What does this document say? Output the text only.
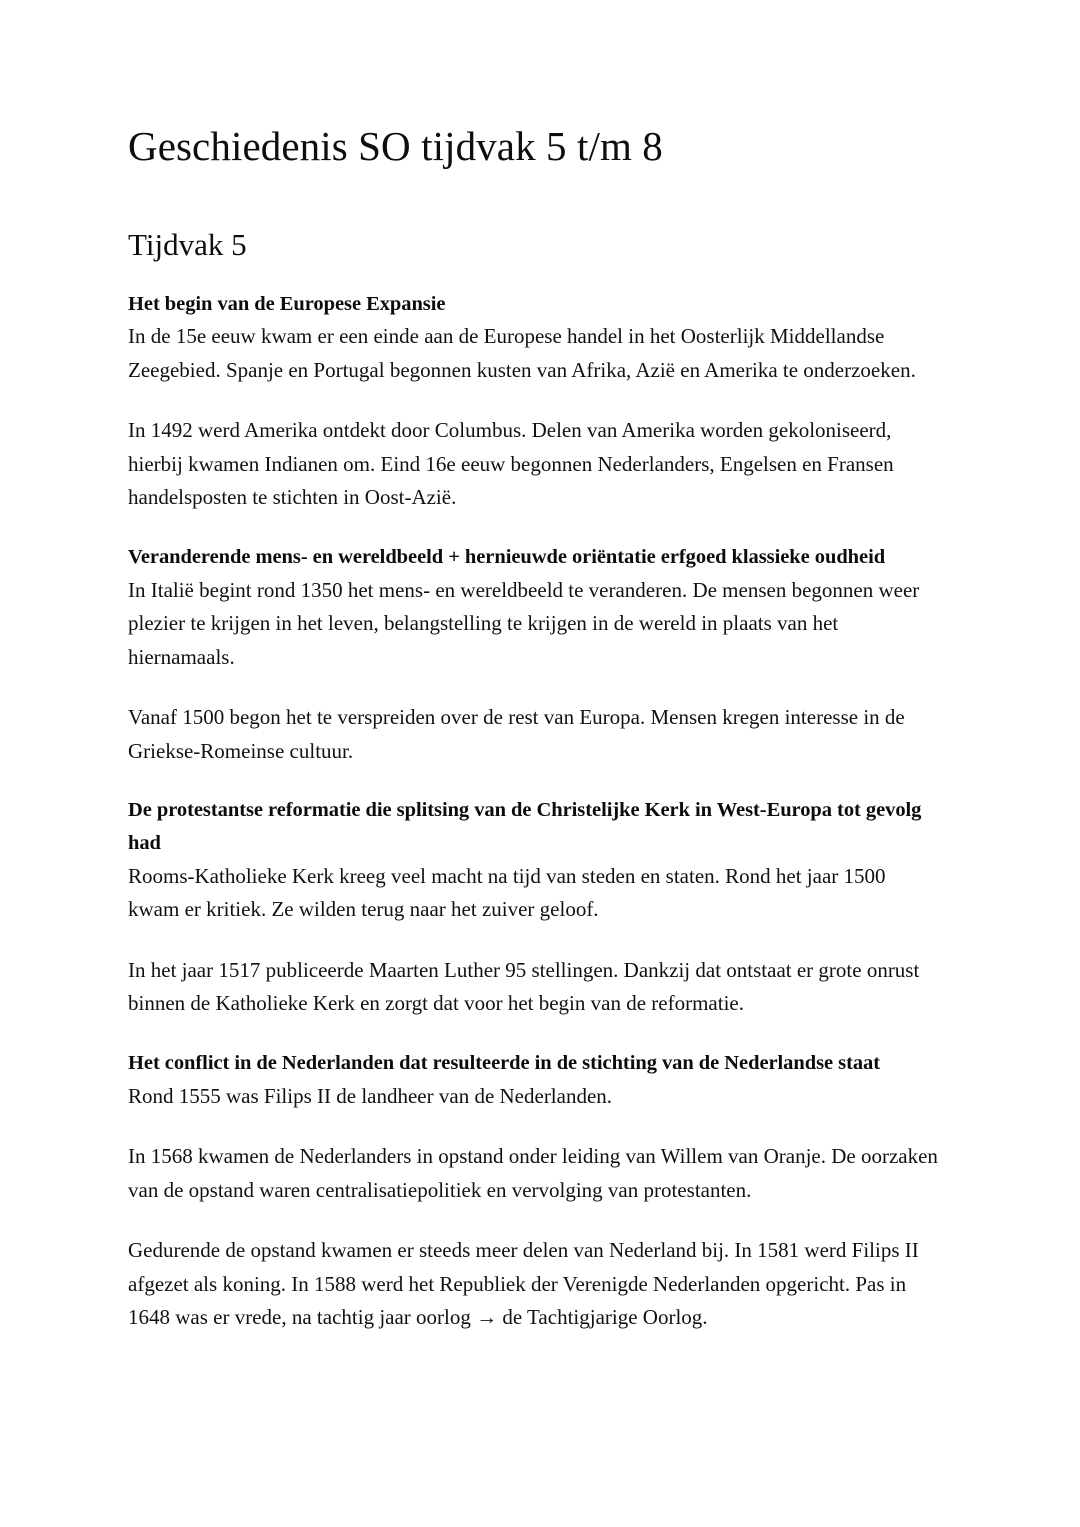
Geschiedenis SO tijdvak 5 t/m 8
Tijdvak 5
Het begin van de Europese Expansie

In de 15e eeuw kwam er een einde aan de Europese handel in het Oosterlijk Middellandse Zeegebied. Spanje en Portugal begonnen kusten van Afrika, Azië en Amerika te onderzoeken.

In 1492 werd Amerika ontdekt door Columbus. Delen van Amerika worden gekoloniseerd, hierbij kwamen Indianen om. Eind 16e eeuw begonnen Nederlanders, Engelsen en Fransen handelsposten te stichten in Oost-Azië.

Veranderende mens- en wereldbeeld + hernieuwde oriëntatie erfgoed klassieke oudheid

In Italië begint rond 1350 het mens- en wereldbeeld te veranderen. De mensen begonnen weer plezier te krijgen in het leven, belangstelling te krijgen in de wereld in plaats van het hiernamaals.

Vanaf 1500 begon het te verspreiden over de rest van Europa. Mensen kregen interesse in de Griekse-Romeinse cultuur.

De protestantse reformatie die splitsing van de Christelijke Kerk in West-Europa tot gevolg had

Rooms-Katholieke Kerk kreeg veel macht na tijd van steden en staten. Rond het jaar 1500 kwam er kritiek. Ze wilden terug naar het zuiver geloof.

In het jaar 1517 publiceerde Maarten Luther 95 stellingen. Dankzij dat ontstaat er grote onrust binnen de Katholieke Kerk en zorgt dat voor het begin van de reformatie.

Het conflict in de Nederlanden dat resulteerde in de stichting van de Nederlandse staat

Rond 1555 was Filips II de landheer van de Nederlanden.

In 1568 kwamen de Nederlanders in opstand onder leiding van Willem van Oranje. De oorzaken van de opstand waren centralisatiepolitiek en vervolging van protestanten.

Gedurende de opstand kwamen er steeds meer delen van Nederland bij. In 1581 werd Filips II afgezet als koning. In 1588 werd het Republiek der Verenigde Nederlanden opgericht. Pas in 1648 was er vrede, na tachtig jaar oorlog → de Tachtigjarige Oorlog.
